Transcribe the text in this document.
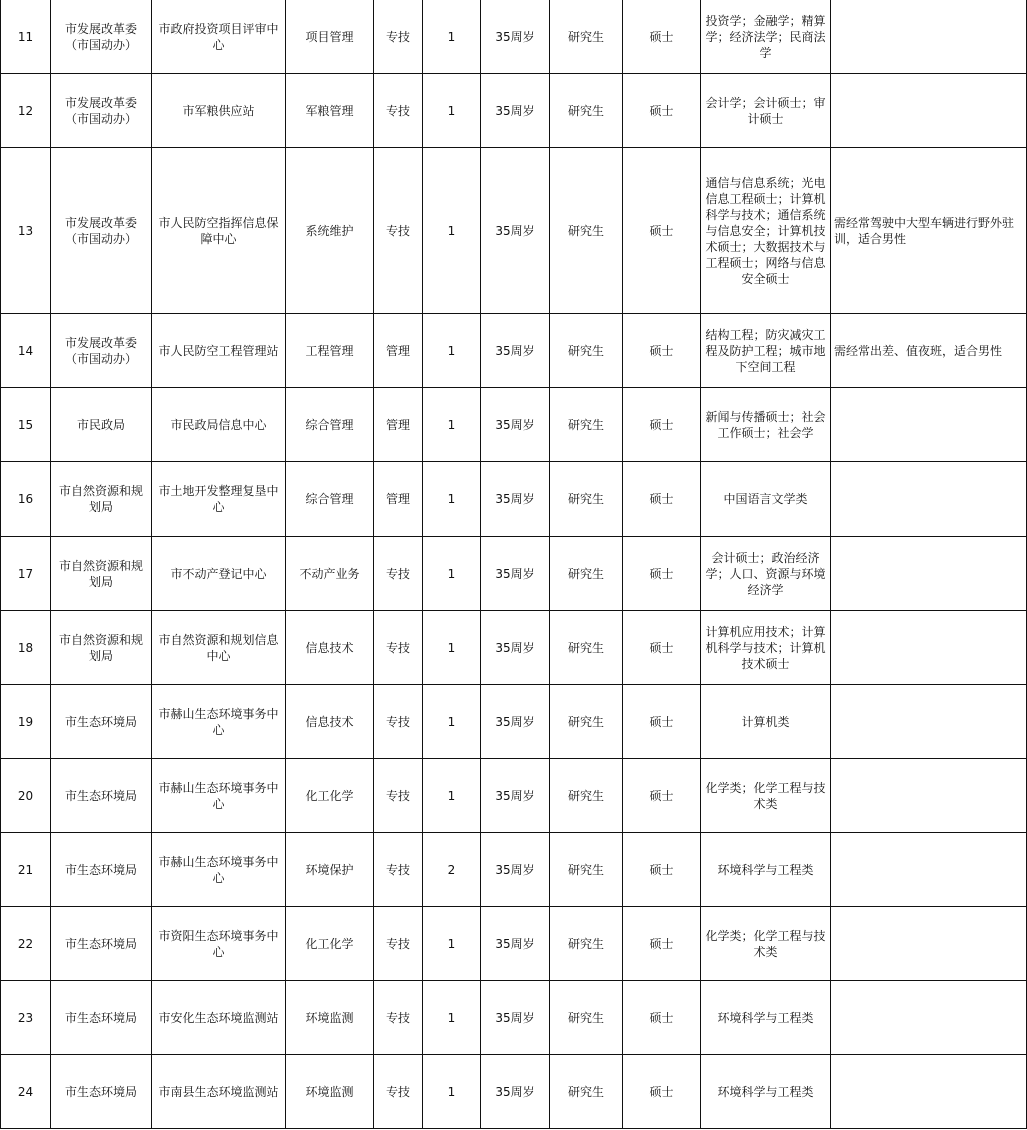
11	市发展改革委（市国动办）	市政府投资项目评审中心	项目管理	专技	1	35周岁	研究生	硕士	投资学；金融学；精算学；经济法学；民商法学	
12	市发展改革委（市国动办）	市军粮供应站	军粮管理	专技	1	35周岁	研究生	硕士	会计学；会计硕士；审计硕士	
13	市发展改革委（市国动办）	市人民防空指挥信息保障中心	系统维护	专技	1	35周岁	研究生	硕士	通信与信息系统；光电信息工程硕士；计算机科学与技术；通信系统与信息安全；计算机技术硕士；大数据技术与工程硕士；网络与信息安全硕士	需经常驾驶中大型车辆进行野外驻训，适合男性
14	市发展改革委（市国动办）	市人民防空工程管理站	工程管理	管理	1	35周岁	研究生	硕士	结构工程；防灾减灾工程及防护工程；城市地下空间工程	需经常出差、值夜班，适合男性
15	市民政局	市民政局信息中心	综合管理	管理	1	35周岁	研究生	硕士	新闻与传播硕士；社会工作硕士；社会学	
16	市自然资源和规划局	市土地开发整理复垦中心	综合管理	管理	1	35周岁	研究生	硕士	中国语言文学类	
17	市自然资源和规划局	市不动产登记中心	不动产业务	专技	1	35周岁	研究生	硕士	会计硕士；政治经济学；人口、资源与环境经济学	
18	市自然资源和规划局	市自然资源和规划信息中心	信息技术	专技	1	35周岁	研究生	硕士	计算机应用技术；计算机科学与技术；计算机技术硕士	
19	市生态环境局	市赫山生态环境事务中心	信息技术	专技	1	35周岁	研究生	硕士	计算机类	
20	市生态环境局	市赫山生态环境事务中心	化工化学	专技	1	35周岁	研究生	硕士	化学类；化学工程与技术类	
21	市生态环境局	市赫山生态环境事务中心	环境保护	专技	2	35周岁	研究生	硕士	环境科学与工程类	
22	市生态环境局	市资阳生态环境事务中心	化工化学	专技	1	35周岁	研究生	硕士	化学类；化学工程与技术类	
23	市生态环境局	市安化生态环境监测站	环境监测	专技	1	35周岁	研究生	硕士	环境科学与工程类	
24	市生态环境局	市南县生态环境监测站	环境监测	专技	1	35周岁	研究生	硕士	环境科学与工程类	
